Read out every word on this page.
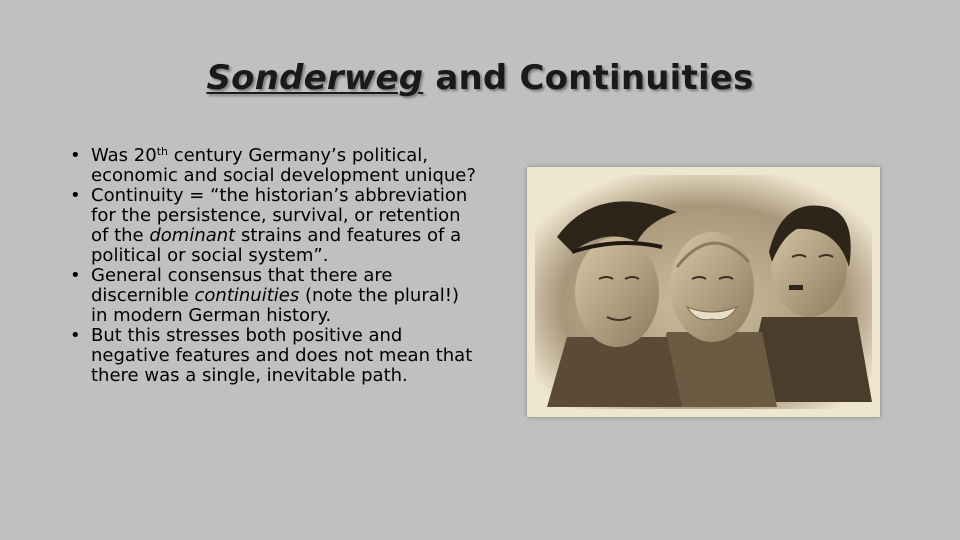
Sonderweg and Continuities
• Was 20th century Germany’s political, economic and social development unique?
• Continuity = “the historian’s abbreviation for the persistence, survival, or retention of the dominant strains and features of a political or social system”.
• General consensus that there are discernible continuities (note the plural!) in modern German history.
• But this stresses both positive and negative features and does not mean that there was a single, inevitable path.
